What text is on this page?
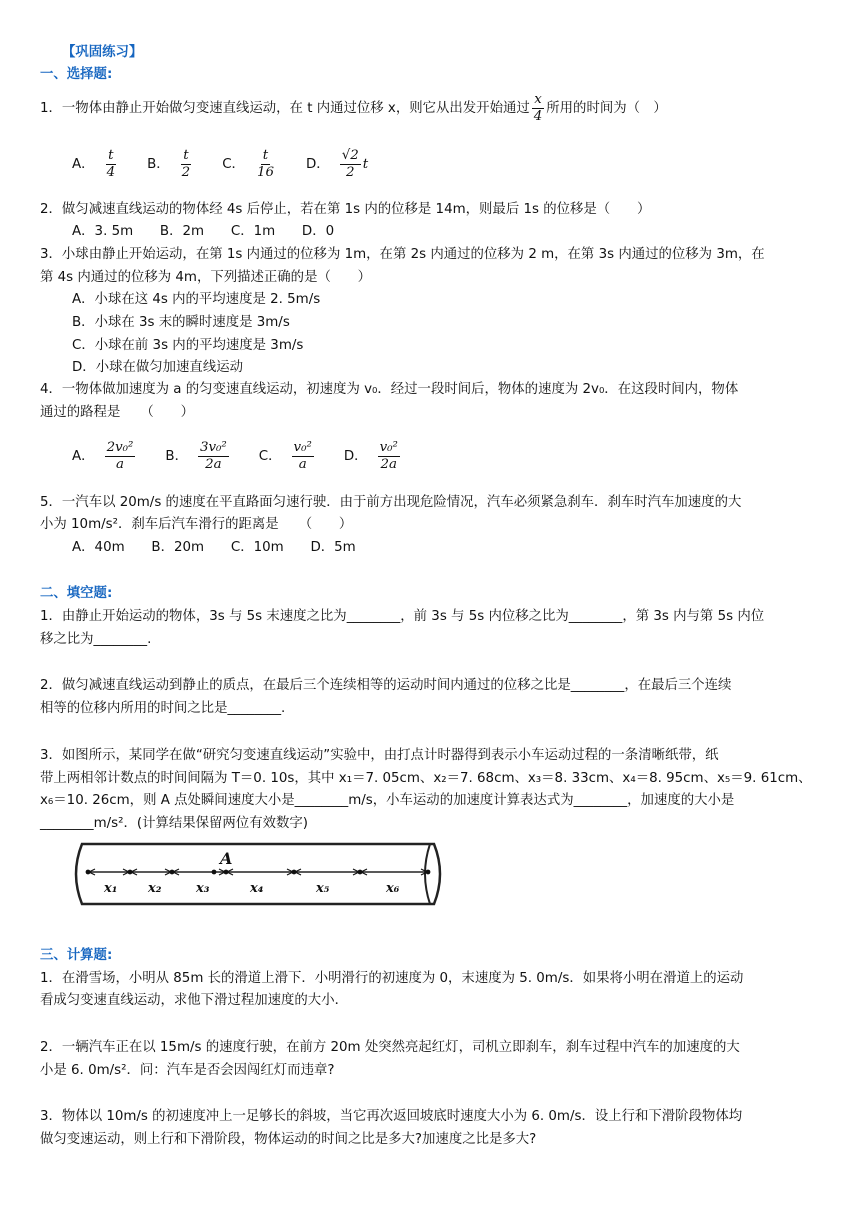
【巩固练习】
一、选择题:
1．一物体由静止开始做匀变速直线运动，在 t 内通过位移 x，则它从出发开始通过 $\frac{x}{4}$ 所用的时间为（　）
A． $\frac{t}{4}$ B． $\frac{t}{2}$ C． $\frac{t}{16}$ D． $\frac{√2}{2}$ t
2．做匀减速直线运动的物体经 4s 后停止，若在第 1s 内的位移是 14m，则最后 1s 的位移是（　　）
A．3. 5m　　B．2m　　C．1m　　D．0
3．小球由静止开始运动，在第 1s 内通过的位移为 1m，在第 2s 内通过的位移为 2 m，在第 3s 内通过的位移为 3m，在
第 4s 内通过的位移为 4m，下列描述正确的是（　　）
A．小球在这 4s 内的平均速度是 2. 5m/s
B．小球在 3s 末的瞬时速度是 3m/s
C．小球在前 3s 内的平均速度是 3m/s
D．小球在做匀加速直线运动
4．一物体做加速度为 a 的匀变速直线运动，初速度为 v₀．经过一段时间后，物体的速度为 2v₀．在这段时间内，物体
通过的路程是　　（　　）
A． $\frac{\text{2v₀²}}{a}$ B． $\frac{\text{3v₀²}}{2a}$ C． $\frac{\text{v₀²}}{a}$ D． $\frac{\text{v₀²}}{2a}$
5．一汽车以 20m/s 的速度在平直路面匀速行驶．由于前方出现危险情况，汽车必须紧急刹车．刹车时汽车加速度的大
小为 10m/s²．刹车后汽车滑行的距离是　　（　　）
A．40m　　B．20m　　C．10m　　D．5m
二、填空题:
1．由静止开始运动的物体，3s 与 5s 末速度之比为________，前 3s 与 5s 内位移之比为________，第 3s 内与第 5s 内位
移之比为________.
2．做匀减速直线运动到静止的质点，在最后三个连续相等的运动时间内通过的位移之比是________，在最后三个连续
相等的位移内所用的时间之比是________.
3．如图所示，某同学在做“研究匀变速直线运动”实验中，由打点计时器得到表示小车运动过程的一条清晰纸带，纸
带上两相邻计数点的时间间隔为 T＝0. 10s，其中 x₁＝7. 05cm、x₂＝7. 68cm、x₃＝8. 33cm、x₄＝8. 95cm、x₅＝9. 61cm、
x₆＝10. 26cm，则 A 点处瞬间速度大小是________m/s，小车运动的加速度计算表达式为________，加速度的大小是
________m/s²．(计算结果保留两位有效数字)
A
x₁ x₂	x₃	x₄	x₅	x₆
三、计算题:
1．在滑雪场，小明从 85m 长的滑道上滑下．小明滑行的初速度为 0，末速度为 5. 0m/s．如果将小明在滑道上的运动
看成匀变速直线运动，求他下滑过程加速度的大小．
2．一辆汽车正在以 15m/s 的速度行驶，在前方 20m 处突然亮起红灯，司机立即刹车，刹车过程中汽车的加速度的大
小是 6. 0m/s²．问：汽车是否会因闯红灯而违章?
3．物体以 10m/s 的初速度冲上一足够长的斜坡，当它再次返回坡底时速度大小为 6. 0m/s．设上行和下滑阶段物体均
做匀变速运动，则上行和下滑阶段，物体运动的时间之比是多大?加速度之比是多大?
